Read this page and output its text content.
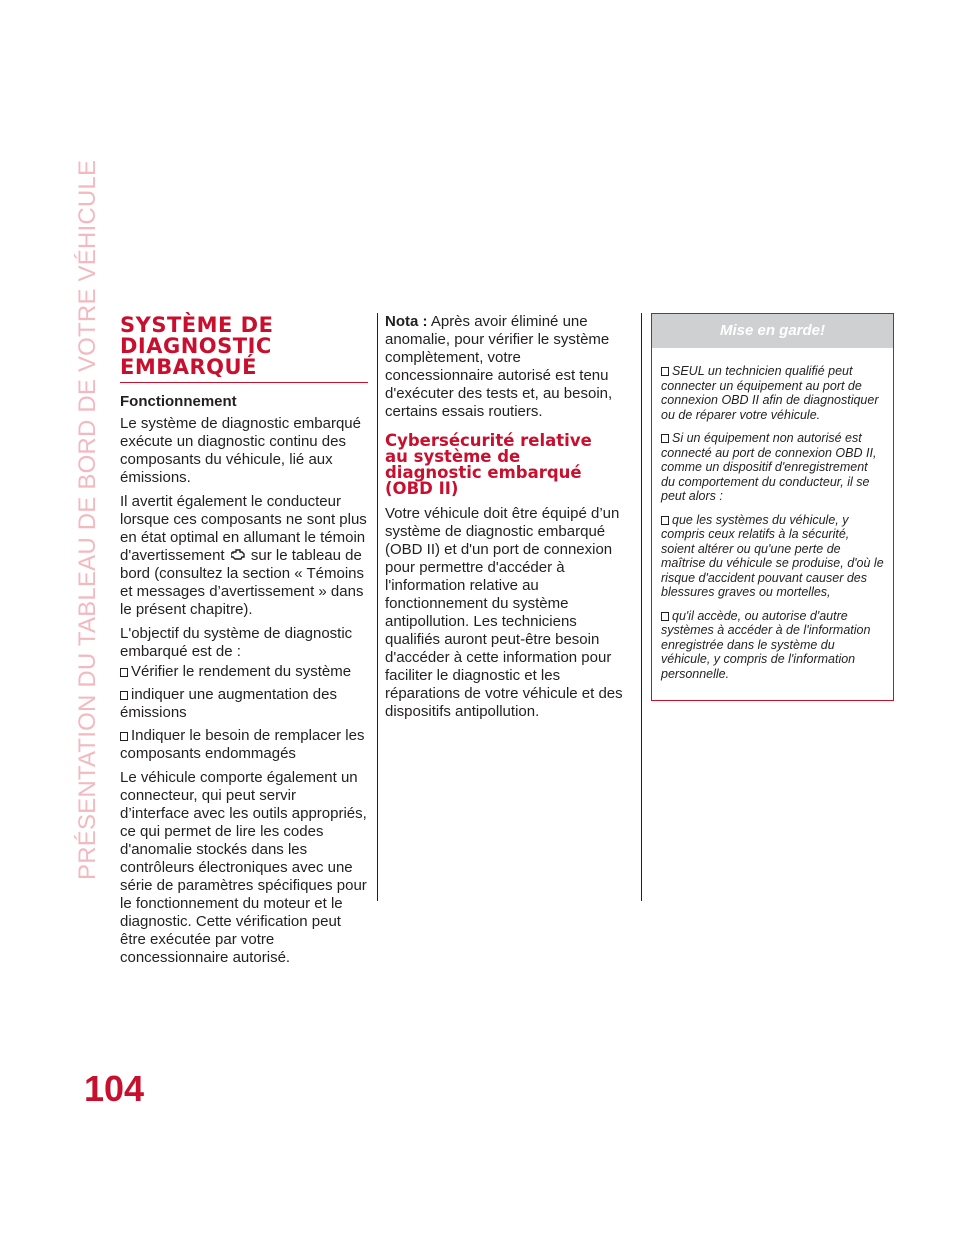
PRÉSENTATION DU TABLEAU DE BORD DE VOTRE VÉHICULE
104
SYSTÈME DE
DIAGNOSTIC
EMBARQUÉ
Fonctionnement

Le système de diagnostic embarqué exécute un diagnostic continu des composants du véhicule, lié aux émissions.

Il avertit également le conducteur lorsque ces composants ne sont plus en état optimal en allumant le témoin d'avertissement sur le tableau de bord (consultez la section « Témoins et messages d’avertissement » dans le présent chapitre).

L'objectif du système de diagnostic embarqué est de :

Vérifier le rendement du système
indiquer une augmentation des émissions
Indiquer le besoin de remplacer les composants endommagés

Le véhicule comporte également un connecteur, qui peut servir d’interface avec les outils appropriés, ce qui permet de lire les codes d'anomalie stockés dans les contrôleurs électroniques avec une série de paramètres spécifiques pour le fonctionnement du moteur et le diagnostic. Cette vérification peut être exécutée par votre concessionnaire autorisé.

Nota : Après avoir éliminé une anomalie, pour vérifier le système complètement, votre concessionnaire autorisé est tenu d'exécuter des tests et, au besoin, certains essais routiers.

Cybersécurité relative
au système de
diagnostic embarqué
(OBD II)

Votre véhicule doit être équipé d’un système de diagnostic embarqué (OBD II) et d'un port de connexion pour permettre d'accéder à l'information relative au fonctionnement du système antipollution. Les techniciens qualifiés auront peut-être besoin d'accéder à cette information pour faciliter le diagnostic et les réparations de votre véhicule et des dispositifs antipollution.

Mise en garde!

SEUL un technicien qualifié peut connecter un équipement au port de connexion OBD II afin de diagnostiquer ou de réparer votre véhicule.

Si un équipement non autorisé est connecté au port de connexion OBD II, comme un dispositif d'enregistrement du comportement du conducteur, il se peut alors :

que les systèmes du véhicule, y compris ceux relatifs à la sécurité, soient altérer ou qu'une perte de maîtrise du véhicule se produise, d'où le risque d'accident pouvant causer des blessures graves ou mortelles,

qu'il accède, ou autorise d'autre systèmes à accéder à de l'information enregistrée dans le système du véhicule, y compris de l'information personnelle.
